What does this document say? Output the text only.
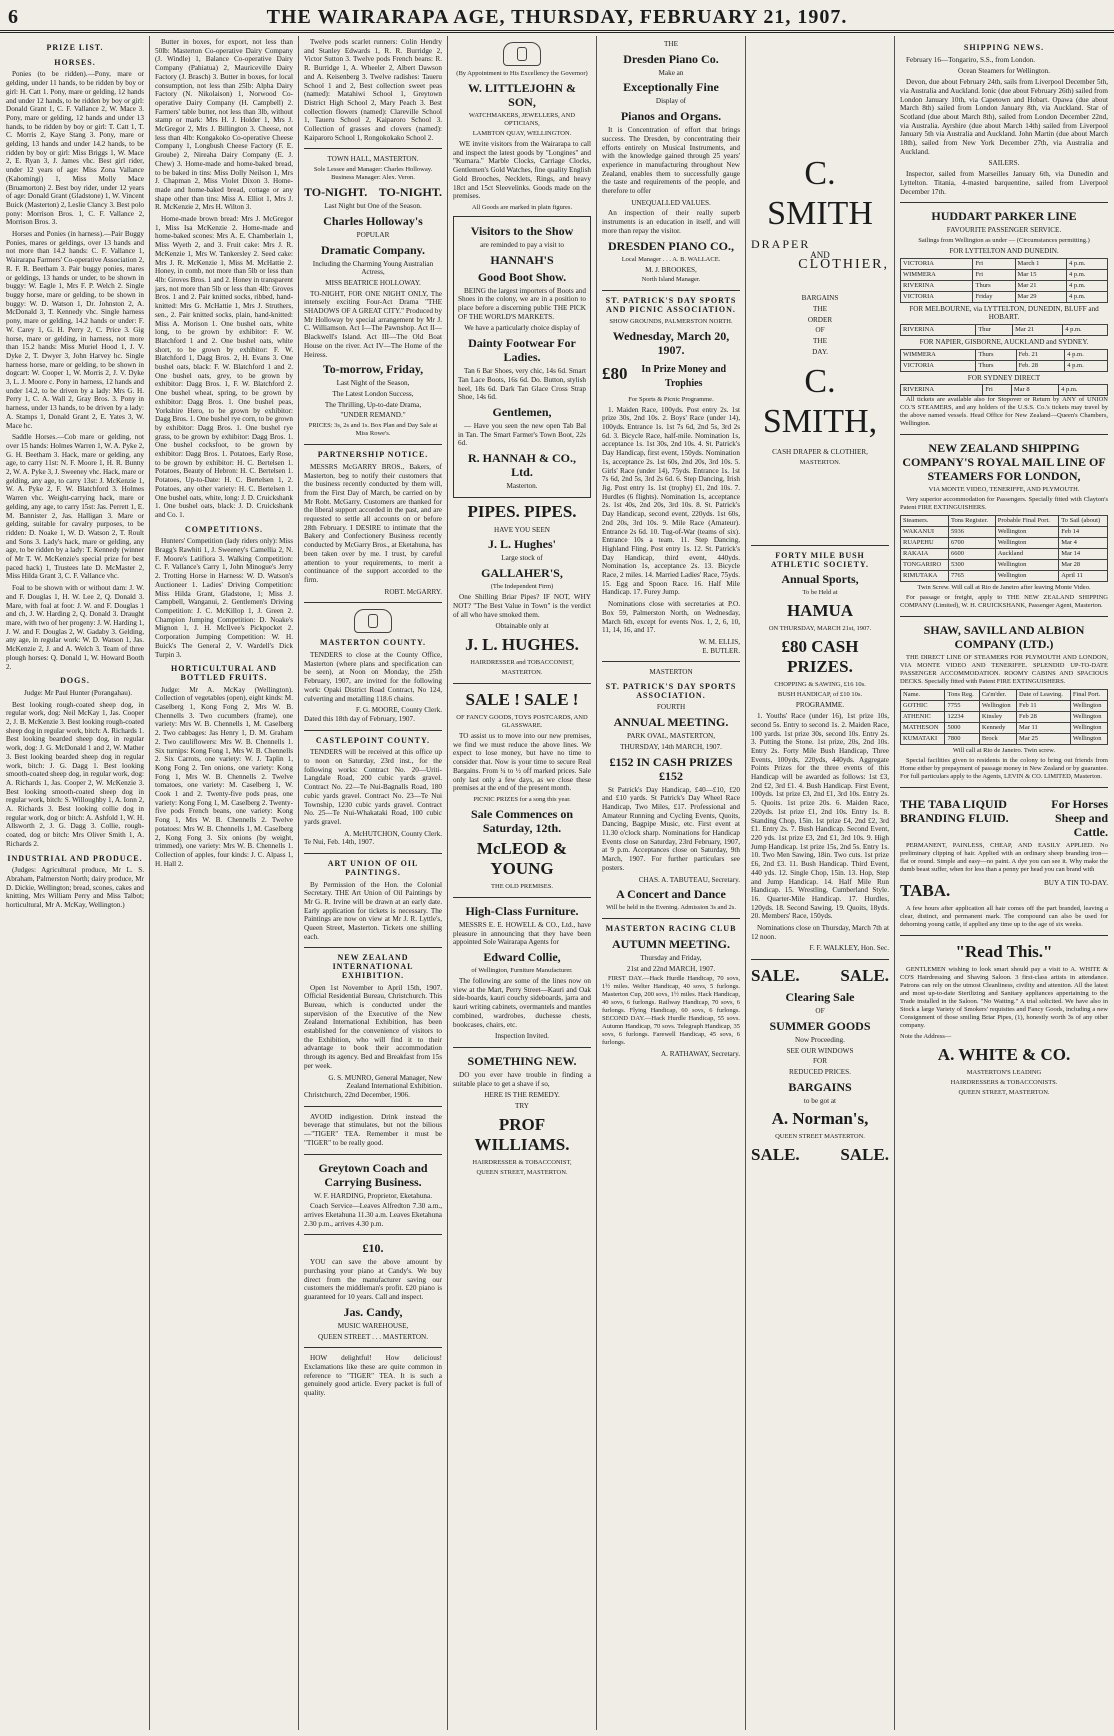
6	THE WAIRARAPA AGE, THURSDAY, FEBRUARY 21, 1907.
PRIZE LIST.
HORSES.

Ponies (to be ridden).—Pony, mare or gelding, under 11 hands, to be ridden by boy or girl: H. Catt 1. Pony, mare or gelding, 12 hands and under 12 hands, to be ridden by boy or girl: Donald Grant 1, C. F. Vallance 2, W. Mace 3. Pony, mare or gelding, 12 hands and under 13 hands, to be ridden by boy or girl: T. Catt 1, T. C. Morris 2, Kaye Stang 3. Pony, mare or gelding, 13 hands and under 14.2 hands, to be ridden by boy or girl: Miss Briggs 1, W. Mace 2, E. Ryan 3, J. James vhc. Best girl rider, under 12 years of age: Miss Zona Vallance (Kahomingi) 1, Miss Molly Mace (Bruamorton) 2. Best boy rider, under 12 years of age: Donald Grant (Gladstone) 1, W. Vincent Buick (Masterton) 2, Leslie Clancy 3. Best polo pony: Morrison Bros. 1, C. F. Vallance 2, Morrison Bros. 3.

Horses and Ponies (in harness).—Pair Buggy Ponies, mares or geldings, over 13 hands and not more than 14.2 hands: C. F. Vallance 1, Wairarapa Farmers' Co-operative Association 2, R. F. R. Beetham 3. Pair buggy ponies, mares or geldings, 13 hands or under, to be shown in buggy: W. Eagle 1, Mrs F. P. Welch 2. Single buggy horse, mare or gelding, to be shown in buggy: W. D. Watson 1, Dr. Johnston 2, A. McDonald 3, T. Kennedy vhc. Single harness pony, mare or gelding, 14.2 hands or under: F. W. Carey 1, G. H. Perry 2, C. Price 3. Gig horse, mare or gelding, in harness, not more than 15.2 hands: Miss Muriel Hood 1, J. V. Dyke 2, T. Dwyer 3, John Harvey hc. Single harness horse, mare or gelding, to be shown in dogcart: W. Cooper 1, W. Morris 2, J. V. Dyke 3, L. J. Moore c. Pony in harness, 12 hands and under 14.2, to be driven by a lady: Mrs G. H. Perry 1, C. A. Wall 2, Gray Bros. 3. Pony in harness, under 13 hands, to be driven by a lady: A. Stamps 1, Donald Grant 2, E. Yates 3, W. Mace hc.

Saddle Horses.—Cob mare or gelding, not over 15 hands: Holmes Warren 1, W. A. Pyke 2, G. H. Beetham 3. Hack, mare or gelding, any age, to carry 11st: N. F. Moore 1, H. R. Bunny 2, W. A. Pyke 3, J. Sweeney vhc. Hack, mare or gelding, any age, to carry 13st: J. McKenzie 1, W. A. Pyke 2, F. W. Blatchford 3. Holmes Warren vhc. Weight-carrying hack, mare or gelding, any age, to carry 15st: Jas. Perrett 1, E. M. Bannister 2, Jas. Halligan 3. Mare or gelding, suitable for cavalry purposes, to be ridden: D. Noake 1, W. D. Watson 2, T. Roult and Sons 3. Lady's hack, mare or gelding, any age, to be ridden by a lady: T. Kennedy (winner of Mr T. W. McKenzie's special prize for best paced hack) 1, Trustees late D. McMaster 2, Miss Hilda Grant 3, C. F. Vallance vhc.

Foal to be shown with or without dam: J. W. and F. Douglas 1, H. W. Lee 2, Q. Donald 3. Mare, with foal at foot: J. W. and F. Douglas 1 and ch, J. W. Harding 2, Q. Donald 3. Draught mare, with two of her progeny: J. W. Harding 1, J. W. and F. Douglas 2, W. Gadaby 3. Gelding, any age, in regular work: W. D. Watson 1, Jas. McKenzie 2, J. and A. Welch 3. Team of three plough horses: Q. Donald 1, W. Howard Booth 2.

DOGS.

Judge: Mr Paul Hunter (Porangahau).

Best looking rough-coated sheep dog, in regular work, dog: Neil McKay 1, Jas. Cooper 2, J. B. McKenzie 3. Best looking rough-coated sheep dog in regular work, bitch: A. Richards 1. Best looking bearded sheep dog, in regular work, dog: J. G. McDonald 1 and 2, W. Mather 3. Best looking bearded sheep dog in regular work, bitch: J. G. Dagg 1. Best looking smooth-coated sheep dog, in regular work, dog: A. Richards 1, Jas. Cooper 2, W. McKenzie 3. Best looking smooth-coated sheep dog in regular work, bitch: S. Willoughby 1, A. Ionn 2, A. Richards 3. Best looking collie dog in regular work, dog or bitch: A. Ashfold 1, W. H. Allsworth 2, J. G. Dagg 3. Collie, rough-coated, dog or bitch: Mrs Oliver Smith 1, A. Richards 2.

INDUSTRIAL AND PRODUCE.

(Judges: Agricultural produce, Mr L. S. Abraham, Palmerston North; dairy produce, Mr D. Dickie, Wellington; bread, scones, cakes and knitting, Mrs William Perry and Miss Talbot; horticultural, Mr A. McKay, Wellington.)

Butter in boxes, for export, not less than 50lb: Masterton Co-operative Dairy Company (J. Windle) 1, Balance Co-operative Dairy Company (Pahiatua) 2, Mauriceville Dairy Factory (J. Brasch) 3. Butter in boxes, for local consumption, not less than 25lb: Alpha Dairy Factory (N. Nikolaison) 1, Norwood Co-operative Dairy Company (H. Campbell) 2. Farmers' table butter, not less than 3lb, without stamp or mark: Mrs H. J. Holder 1, Mrs J. McGregor 2, Mrs J. Billington 3. Cheese, not less than 4lb: Kongakoko Co-operative Cheese Company 1, Longbush Cheese Factory (F. E. Groube) 2, Nireaha Dairy Company (E. J. Chew) 3. Home-made and home-baked bread, to be baked in tins: Miss Dolly Neilson 1, Mrs J. Chapman 2, Miss Violet Dixon 3. Home-made and home-baked bread, cottage or any shape other than tins: Miss A. Elliot 1, Mrs J. R. McKenzie 2, Mrs H. Wilton 3.

Home-made brown bread: Mrs J. McGregor 1, Miss Isa McKenzie 2. Home-made and home-baked scones: Mrs A. E. Chamberlain 1, Miss Wyeth 2, and 3. Fruit cake: Mrs J. R. McKenzie 1, Mrs W. Tankersley 2. Seed cake: Mrs J. R. McKenzie 1, Miss M. McHattie 2. Honey, in comb, not more than 5lb or less than 4lb: Groves Bros. 1 and 2. Honey in transparent jars, not more than 5lb or less than 4lb: Groves Bros. 1 and 2. Pair knitted socks, ribbed, hand-knitted: Mrs G. McHattie 1, Mrs J. Struthers, sen., 2. Pair knitted socks, plain, hand-knitted: Miss A. Morison 1. One bushel oats, white long, to be grown by exhibitor: F. W. Blatchford 1 and 2. One bushel oats, white short, to be grown by exhibitor: F. W. Blatchford 1, Dagg Bros. 2, H. Evans 3. One bushel oats, black: F. W. Blatchford 1 and 2. One bushel oats, grey, to be grown by exhibitor: Dagg Bros. 1, F. W. Blatchford 2. One bushel wheat, spring, to be grown by exhibitor: Dagg Bros. 1. One bushel peas, Yorkshire Hero, to be grown by exhibitor: Dagg Bros. 1. One bushel rye corn, to be grown by exhibitor: Dagg Bros. 1. One bushel rye grass, to be grown by exhibitor: Dagg Bros. 1. One bushel cocksfoot, to be grown by exhibitor: Dagg Bros. 1. Potatoes, Early Rose, to be grown by exhibitor: H. C. Bertelsen 1. Potatoes, Beauty of Hebron: H. C. Bertelsen 1. Potatoes, Up-to-Date: H. C. Bertelsen 1, 2. Potatoes, any other variety: H. C. Bertelsen 1. One bushel oats, white, long: J. D. Cruickshank 1. One bushel oats, black: J. D. Cruickshank and Co. 1.

COMPETITIONS.

Hunters' Competition (lady riders only): Miss Bragg's Rawhiti 1, J. Sweeney's Camellia 2, N. F. Moore's Latifiora 3. Walking Competition: C. F. Vallance's Carry 1, John Minogue's Jerry 2. Trotting Horse in Harness: W. D. Watson's Auctioneer 1. Ladies' Driving Competition: Miss Hilda Grant, Gladstone, 1; Miss J. Campbell, Wanganui, 2. Gentlemen's Driving Competition: J. C. McKillop 1, J. Green 2. Champion Jumping Competition: D. Noake's Mignon 1, J. H. McIlvee's Pickpocket 2. Corporation Jumping Competition: W. H. Buick's The General 2, V. Wardell's Dick Turpin 3.

HORTICULTURAL AND BOTTLED FRUITS.

Judge: Mr A. McKay (Wellington). Collection of vegetables (open), eight kinds: M. Caselberg 1, Kong Fong 2, Mrs W. B. Chennells 3. Two cucumbers (frame), one variety: Mrs W. B. Chennells 1, M. Caselberg 2. Two cabbages: Jas Henry 1, D. M. Graham 2. Two cauliflowers: Mrs W. B. Chennells 1. Six turnips: Kong Fong 1, Mrs W. B. Chennells 2. Six Carrots, one variety: W. J. Taplin 1, Kong Fong 2. Ten onions, one variety: Kong Fong 1, Mrs W. B. Chennells 2. Twelve tomatoes, one variety: M. Caselberg 1, W. Cook 1 and 2. Twenty-five pods peas, one variety: Kong Fong 1, M. Caselberg 2. Twenty-five pods French beans, one variety: Kong Fong 1, Mrs W. B. Chennells 2. Twelve potatoes: Mrs W. B. Chennells 1, M. Caselberg 2, Kong Fong 3. Six onions (by weight, trimmed), one variety: Mrs W. B. Chennells 1. Collection of apples, four kinds: J. C. Alpass 1, H. Hall 2.

Twelve pods scarlet runners: Colin Hendry and Stanley Edwards 1, R. R. Burridge 2, Victor Sutton 3. Twelve pods French beans: R. R. Burridge 1, A. Wheeler 2, Albert Dawson and A. Keisenberg 3. Twelve radishes: Taueru School 1 and 2, Best collection sweet peas (named): Matahiwi School 1, Greytown District High School 2, Mary Peach 3. Best collection flowers (named): Clareville School 1, Taueru School 2, Kaiparoro School 3. Collection of grasses and clovers (named): Kaiparoro School 1, Rongokokako School 2.

TOWN HALL, MASTERTON.
Sole Lessee and Manager: Charles Holloway. Business Manager: Alex. Veron.
TO-NIGHT. TO-NIGHT.
Last Night but One of the Season.
Charles Holloway's
POPULAR
Dramatic Company.
Including the Charming Young Australian Actress,
MISS BEATRICE HOLLOWAY.

TO-NIGHT, FOR ONE NIGHT ONLY, The intensely exciting Four-Act Drama "THE SHADOWS OF A GREAT CITY." Produced by Mr Holloway by special arrangement by Mr J. C. Williamson. Act I—The Pawnshop. Act II—Blackwell's Island. Act III—The Old Boat House on the river. Act IV—The Home of the Heiress.

To-morrow, Friday,
Last Night of the Season,
The Latest London Success,
The Thrilling, Up-to-date Drama,
"UNDER REMAND."
PRICES: 3s, 2s and 1s. Box Plan and Day Sale at Miss Rowe's.
PARTNERSHIP NOTICE.

MESSRS McGARRY BROS., Bakers, of Masterton, beg to notify their customers that the business recently conducted by them will, from the First Day of March, be carried on by Mr Robt. McGarry. Customers are thanked for the liberal support accorded in the past, and are requested to settle all accounts on or before 28th February. I DESIRE to intimate that the Bakery and Confectionery Business recently conducted by McGarry Bros., at Eketahuna, has been taken over by me. I trust, by careful attention to your requirements, to merit a continuance of the support accorded to the firm.

ROBT. McGARRY.
MASTERTON COUNTY.

TENDERS to close at the County Office, Masterton (where plans and specification can be seen), at Noon on Monday, the 25th February, 1907, are invited for the following work: Opaki District Road Contract, No 124, culverting and metalling 118.6 chains.

F. G. MOORE, County Clerk.
Dated this 18th day of February, 1907.
CASTLEPOINT COUNTY.

TENDERS will be received at this office up to noon on Saturday, 23rd inst., for the following works: Contract No. 20—Uriti-Langdale Road, 200 cubic yards gravel. Contract No. 22—Te Nui-Bagnalls Road, 180 cubic yards gravel. Contract No. 23—Te Nui Township, 1230 cubic yards gravel. Contract No. 25—Te Nui-Whakataki Road, 100 cubic yards gravel.

A. McHUTCHON, County Clerk.
Te Nui, Feb. 14th, 1907.
ART UNION OF OIL PAINTINGS.

By Permission of the Hon. the Colonial Secretary. THE Art Union of Oil Paintings by Mr G. R. Irvine will be drawn at an early date. Early application for tickets is necessary. The Paintings are now on view at Mr J. R. Lyttle's, Queen Street, Masterton. Tickets one shilling each.

NEW ZEALAND INTERNATIONAL EXHIBITION.

Open 1st November to April 15th, 1907. Official Residential Bureau, Christchurch. This Bureau, which is conducted under the supervision of the Executive of the New Zealand International Exhibition, has been established for the convenience of visitors to the Exhibition, who will find it to their advantage to book their accommodation through its agency. Bed and Breakfast from 15s per week.

G. S. MUNRO, General Manager, New Zealand International Exhibition.
Christchurch, 22nd December, 1906.

AVOID indigestion. Drink instead the beverage that stimulates, but not the bilious—"TIGER" TEA. Remember it must be "TIGER" to be really good.

Greytown Coach and Carrying Business.
W. F. HARDING, Proprietor, Eketahuna.

Coach Service—Leaves Alfredton 7.30 a.m., arrives Eketahuna 11.30 a.m. Leaves Eketahuna 2.30 p.m., arrives 4.30 p.m.

£10.

YOU can save the above amount by purchasing your piano at Candy's. We buy direct from the manufacturer saving our customers the middleman's profit. £20 piano is guaranteed for 10 years. Call and inspect.

Jas. Candy,
MUSIC WAREHOUSE,
QUEEN STREET . . . MASTERTON.

HOW delightful! How delicious! Exclamations like these are quite common in reference to "TIGER" TEA. It is such a genuinely good article. Every packet is full of quality.

(By Appointment to His Excellency the Governor)
W. LITTLEJOHN & SON,
WATCHMAKERS, JEWELLERS, AND OPTICIANS,
LAMBTON QUAY, WELLINGTON.

WE invite visitors from the Wairarapa to call and inspect the latest goods by "Longines" and "Kumara." Marble Clocks, Carriage Clocks, Gentlemen's Gold Watches, fine quality English Gold Brooches, Necklets, Rings, and heavy 18ct and 15ct Sleevelinks. Goods made on the premises.

All Goods are marked in plain figures.
Visitors to the Show
are reminded to pay a visit to
HANNAH'S
Good Boot Show.

BEING the largest importers of Boots and Shoes in the colony, we are in a position to place before a discerning public THE PICK OF THE WORLD'S MARKETS.

We have a particularly choice display of
Dainty Footwear For Ladies.

Tan 6 Bar Shoes, very chic, 14s 6d. Smart Tan Lace Boots, 16s 6d. Do. Button, stylish heel, 18s 6d. Dark Tan Glace Cross Strap Shoe, 14s 6d.

Gentlemen,

— Have you seen the new open Tab Bal in Tan. The Smart Farmer's Town Boot, 22s 6d.

R. HANNAH & CO., Ltd.
Masterton.
PIPES. PIPES.
HAVE YOU SEEN
J. L. Hughes'
Large stock of
GALLAHER'S,
(The Independent Firm)

One Shilling Briar Pipes? IF NOT, WHY NOT? "The Best Value in Town" is the verdict of all who have smoked them.

Obtainable only at
J. L. HUGHES.
HAIRDRESSER and TOBACCONIST,
MASTERTON.
SALE ! SALE !
OF FANCY GOODS, TOYS POSTCARDS, AND GLASSWARE.

TO assist us to move into our new premises, we find we must reduce the above lines. We expect to lose money, but have no time to consider that. Now is your time to secure Real Bargains. From ¼ to ½ off marked prices. Sale only last only a few days, as we close these premises at the end of the present month.

PICNIC PRIZES for a song this year.
Sale Commences on Saturday, 12th.
McLEOD & YOUNG
THE OLD PREMISES.
High-Class Furniture.

MESSRS E. E. HOWELL & CO., Ltd., have pleasure in announcing that they have been appointed Sole Wairarapa Agents for

Edward Collie,
of Wellington, Furniture Manufacturer.

The following are some of the lines now on view at the Mart, Perry Street—Kauri and Oak side-boards, kauri couchy sideboards, jarra and kauri writing cabinets, overmantels and mantles combined, wardrobes, duchesse chests, bookcases, chairs, etc.

Inspection Invited.
SOMETHING NEW.

DO you ever have trouble in finding a suitable place to get a shave if so,

HERE IS THE REMEDY.
TRY
PROF WILLIAMS.
HAIRDRESSER & TOBACCONIST,
QUEEN STREET, MASTERTON.
THE
Dresden Piano Co.
Make an
Exceptionally Fine
Display of
Pianos and Organs.

It is Concentration of effort that brings success. The Dresden, by concentrating their efforts entirely on Musical Instruments, and with the knowledge gained through 25 years' experience in manufacturing throughout New Zealand, enables them to successfully gauge the taste and requirements of the people, and therefore to offer

UNEQUALLED VALUES.

An inspection of their really superb instruments is an education in itself, and will more than repay the visitor.

DRESDEN PIANO CO.,
Local Manager . . . A. B. WALLACE.
M. J. BROOKES,
North Island Manager.
ST. PATRICK'S DAY SPORTS AND PICNIC ASSOCIATION.
SHOW GROUNDS, PALMERSTON NORTH.
Wednesday, March 20, 1907.
£80	In Prize Money and Trophies
For Sports & Picnic Programme.

1. Maiden Race, 100yds. Post entry 2s. 1st prize 30s, 2nd 10s. 2. Boys' Race (under 14), 100yds. Entrance 1s. 1st 7s 6d, 2nd 5s, 3rd 2s 6d. 3. Bicycle Race, half-mile. Nomination 1s, acceptance 1s. 1st 30s, 2nd 10s. 4. St. Patrick's Day Handicap, first event, 150yds. Nomination 1s, acceptance 2s. 1st 60s, 2nd 20s, 3rd 10s. 5. Girls' Race (under 14), 75yds. Entrance 1s. 1st 7s 6d, 2nd 5s, 3rd 2s 6d. 6. Step Dancing, Irish Jig. Post entry 1s. 1st (trophy) £1, 2nd 10s. 7. Hurdles (6 flights). Nomination 1s, acceptance 2s. 1st 40s, 2nd 20s, 3rd 10s. 8. St. Patrick's Day Handicap, second event, 220yds. 1st 60s, 2nd 20s, 3rd 10s. 9. Mile Race (Amateur). Entrance 2s 6d. 10. Tug-of-War (teams of six). Entrance 10s a team. 11. Step Dancing, Highland Fling. Post entry 1s. 12. St. Patrick's Day Handicap, third event, 440yds. Nomination 1s, acceptance 2s. 13. Bicycle Race, 2 miles. 14. Married Ladies' Race, 75yds. 15. Egg and Spoon Race. 16. Half Mile Handicap. 17. Furey Jump.

Nominations close with secretaries at P.O. Box 59, Palmerston North, on Wednesday, March 6th, except for events Nos. 1, 2, 6, 10, 11, 14, 16, and 17.

W. M. ELLIS,
E. BUTLER.
MASTERTON
ST. PATRICK'S DAY SPORTS ASSOCIATION.
FOURTH
ANNUAL MEETING.
PARK OVAL, MASTERTON,
THURSDAY, 14th MARCH, 1907.
£152 IN CASH PRIZES £152

St Patrick's Day Handicap, £40—£10, £20 and £10 yards. St Patrick's Day Wheel Race Handicap, Two Miles, £17. Professional and Amateur Running and Cycling Events, Quoits, Dancing, Bagpipe Music, etc. First event at 11.30 o'clock sharp. Nominations for Handicap Events close on Saturday, 23rd February, 1907, at 9 p.m. Acceptances close on Saturday, 9th March, 1907. For further particulars see posters.

CHAS. A. TABUTEAU, Secretary.
A Concert and Dance
Will be held in the Evening. Admission 3s and 2s.
MASTERTON RACING CLUB
AUTUMN MEETING.
Thursday and Friday,
21st and 22nd MARCH, 1907.

FIRST DAY.—Hack Hurdle Handicap, 70 sovs, 1½ miles. Welter Handicap, 40 sovs, 5 furlongs. Masterton Cup, 200 sovs, 1½ miles. Hack Handicap, 40 sovs, 6 furlongs. Railway Handicap, 70 sovs, 6 furlongs. Flying Handicap, 60 sovs, 6 furlongs. SECOND DAY.—Hack Hurdle Handicap, 55 sovs. Autumn Handicap, 70 sovs. Telegraph Handicap, 35 sovs, 6 furlongs. Farewell Handicap, 45 sovs, 6 furlongs.

A. RATHAWAY, Secretary.
C. SMITH
DRAPER
AND
CLOTHIER,
BARGAINS
THE
ORDER
OF
THE
DAY.
C. SMITH,
CASH DRAPER & CLOTHIER,
MASTERTON.
FORTY MILE BUSH ATHLETIC SOCIETY.
Annual Sports,
To be Held at
HAMUA
ON THURSDAY, MARCH 21st, 1907.
£80 CASH PRIZES.
CHOPPING & SAWING, £16 10s.
BUSH HANDICAP, of £10 10s.
PROGRAMME.

1. Youths' Race (under 16), 1st prize 10s, second 5s. Entry to second 1s. 2. Maiden Race, 100 yards. 1st prize 30s, second 10s. Entry 2s. 3. Putting the Stone. 1st prize, 20s, 2nd 10s. Entry 2s. Forty Mile Bush Handicap, Three Events, 100yds, 220yds, 440yds. Aggregate Points Prizes for the three events of this Handicap will be awarded as follows: 1st £3, 2nd £2, 3rd £1. 4. Bush Handicap. First Event, 100yds. 1st prize £3, 2nd £1, 3rd 10s. Entry 2s. 5. Quoits. 1st prize 20s. 6. Maiden Race, 220yds. 1st prize £1, 2nd 10s. Entry 1s. 8. Standing Chop, 15in. 1st prize £4, 2nd £2, 3rd £1. Entry 2s. 7. Bush Handicap. Second Event, 220 yds. 1st prize £3, 2nd £1, 3rd 10s. 9. High Jump Handicap. 1st prize 15s, 2nd 5s. Entry 1s. 10. Two Men Sawing, 18in. Two cuts. 1st prize £6, 2nd £3. 11. Bush Handicap. Third Event, 440 yds. 12. Single Chop, 15in. 13. Hop, Step and Jump Handicap. 14. Half Mile Run Handicap. 15. Wrestling, Cumberland Style. 16. Quarter-Mile Handicap. 17. Hurdles, 120yds. 18. Second Sawing. 19. Quoits, 18yds. 20. Members' Race, 150yds.

Nominations close on Thursday, March 7th at 12 noon.

F. F. WALKLEY, Hon. Sec.
SALE. SALE.
Clearing Sale
OF
SUMMER GOODS
Now Proceeding.
SEE OUR WINDOWS
FOR
REDUCED PRICES.
BARGAINS
to be got at
A. Norman's,
QUEEN STREET MASTERTON.
SALE. SALE.
SHIPPING NEWS.

February 16—Tongariro, S.S., from London.

Ocean Steamers for Wellington.

Devon, due about February 24th, sails from Liverpool December 5th, via Australia and Auckland. Ionic (due about February 26th) sailed from London January 10th, via Capetown and Hobart. Opawa (due about March 8th) sailed from London January 8th, via Auckland. Star of Scotland (due about March 8th), sailed from London December 22nd, via Australia. Ayrshire (due about March 14th) sailed from Liverpool January 5th via Australia and Auckland. John Martin (due about March 18th), sailed from New York December 27th, via Australia and Auckland.

SAILERS.

Inspector, sailed from Marseilles January 6th, via Dunedin and Lyttelton. Titania, 4-masted barquentine, sailed from Liverpool December 17th.

HUDDART PARKER LINE
FAVOURITE PASSENGER SERVICE.
Sailings from Wellington as under — (Circumstances permitting.)
FOR LYTTELTON AND DUNEDIN.
VICTORIA	Fri	March 1	4 p.m.
WIMMERA	Fri	Mar 15	4 p.m.
RIVERINA	Thurs	Mar 21	4 p.m.
VICTORIA	Friday	Mar 29	4 p.m.
FOR MELBOURNE, via LYTTELTON, DUNEDIN, BLUFF and HOBART.
RIVERINA	Thur	Mar 21	4 p.m.
FOR NAPIER, GISBORNE, AUCKLAND and SYDNEY.
WIMMERA	Thurs	Feb. 21	4 p.m.
VICTORIA	Thurs	Feb. 28	4 p.m.
FOR SYDNEY DIRECT
RIVERINA	Fri	Mar 8	4 p.m.

All tickets are available also for Stopover or Return by ANY of UNION CO.'S STEAMERS, and any holders of the U.S.S. Co.'s tickets may travel by the above named vessels. Head Office for New Zealand—Queen's Chambers, Wellington.

NEW ZEALAND SHIPPING COMPANY'S ROYAL MAIL LINE OF STEAMERS FOR LONDON,
VIA MONTE VIDEO, TENERIFFE, AND PLYMOUTH.

Very superior accommodation for Passengers. Specially fitted with Clayton's Patent FIRE EXTINGUISHERS.

Steamers.	Tons Register.	Probable Final Port.	To Sail (about)
WAKANUI	5936	Wellington	Feb 14
RUAPEHU	6700	Wellington	Mar 4
RAKAIA	6600	Auckland	Mar 14
TONGARIRO	5300	Wellington	Mar 28
RIMUTAKA	7765	Wellington	April 11
Twin Screw. Will call at Rio de Janeiro after leaving Monte Video.

For passage or freight, apply to THE NEW ZEALAND SHIPPING COMPANY (Limited), W. H. CRUICKSHANK, Passenger Agent, Masterton.

SHAW, SAVILL AND ALBION COMPANY (LTD.)

THE DIRECT LINE OF STEAMERS FOR PLYMOUTH AND LONDON, VIA MONTE VIDEO AND TENERIFFE. SPLENDID UP-TO-DATE PASSENGER ACCOMMODATION. ROOMY CABINS AND SPACIOUS DECKS. Specially fitted with Patent FIRE EXTINGUISHERS.

Name.	Tons Reg.	Ca'm'der.	Date of Leaving.	Final Port.
GOTHIC	7755	Wellington	Feb 11	Wellington
ATHENIC	12234	Kinsley	Feb 28	Wellington
MATHESON	5000	Kennedy	Mar 11	Wellington
KUMATAKI	7800	Brock	Mar 25	Wellington
Will call at Rio de Janeiro. Twin screw.

Special facilities given to residents in the colony to bring out friends from Home either by prepayment of passage money in New Zealand or by guarantee. For full particulars apply to the Agents, LEVIN & CO. LIMITED, Masterton.

THE TABA LIQUID BRANDING FLUID.
For Horses Sheep and Cattle.

PERMANENT, PAINLESS, CHEAP, AND EASILY APPLIED. No preliminary clipping of hair. Applied with an ordinary sheep branding iron—flat or round. Simple and easy—no paint. A dye you can see it. Why make the dumb beast suffer, when for less than a penny per head you can brand with

TABA.	BUY A TIN TO-DAY.

A few hours after application all hair comes off the part branded, leaving a clear, distinct, and permanent mark. The compound can also be used for dehorning young cattle, if applied any time up to the age of six weeks.

"Read This."

GENTLEMEN wishing to look smart should pay a visit to A. WHITE & CO'S Hairdressing and Shaving Saloon. 3 first-class artists in attendance. Patrons can rely on the utmost Cleanliness, civility and attention. All the latest and most up-to-date Sterilizing and Sanitary appliances appertaining to the Trade installed in the Saloon. "No Waiting." A trial solicited. We have also in Stock a large Variety of Smokers' requisites and Fancy Goods, including a new Consignment of those smiling Briar Pipes, (1), honestly worth 3s of any other company.

Note the Address—
A. WHITE & CO.
MASTERTON'S LEADING
HAIRDRESSERS & TOBACCONISTS.
QUEEN STREET, MASTERTON.
